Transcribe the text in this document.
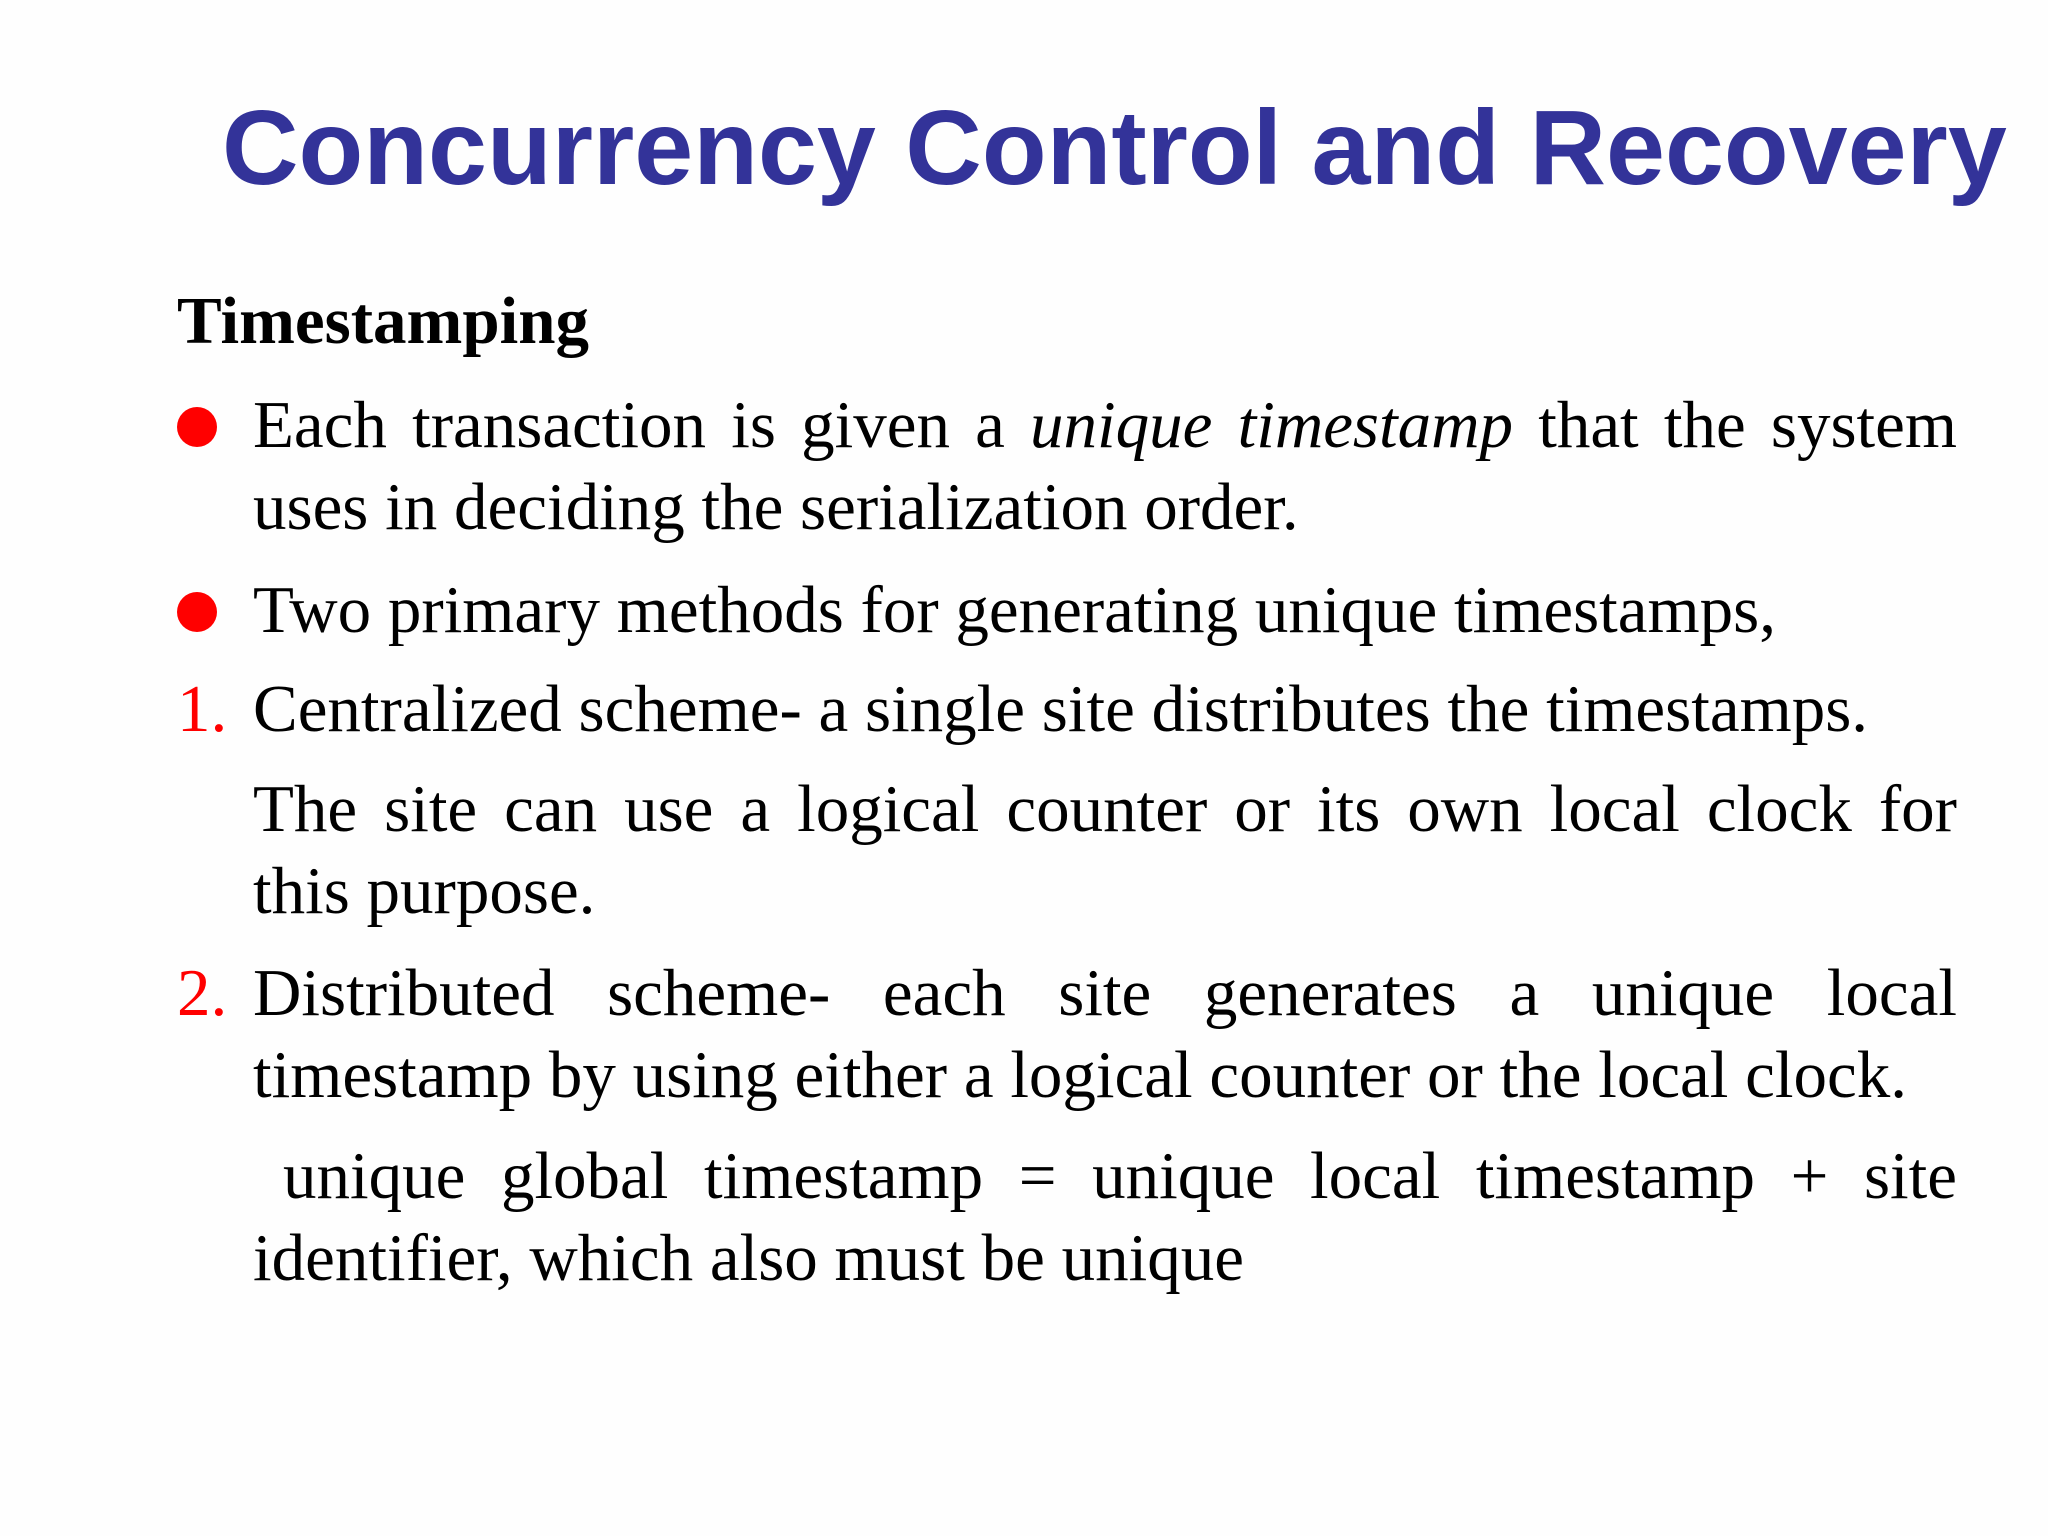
Concurrency Control and Recovery

Timestamping

Each transaction is given a unique timestamp that the system
uses in deciding the serialization order.
Two primary methods for generating unique timestamps,
1. Centralized scheme- a single site distributes the timestamps.
The site can use a logical counter or its own local clock for
this purpose.
2. Distributed scheme- each site generates a unique local
timestamp by using either a logical counter or the local clock.
unique global timestamp = unique local timestamp + site
identifier, which also must be unique
